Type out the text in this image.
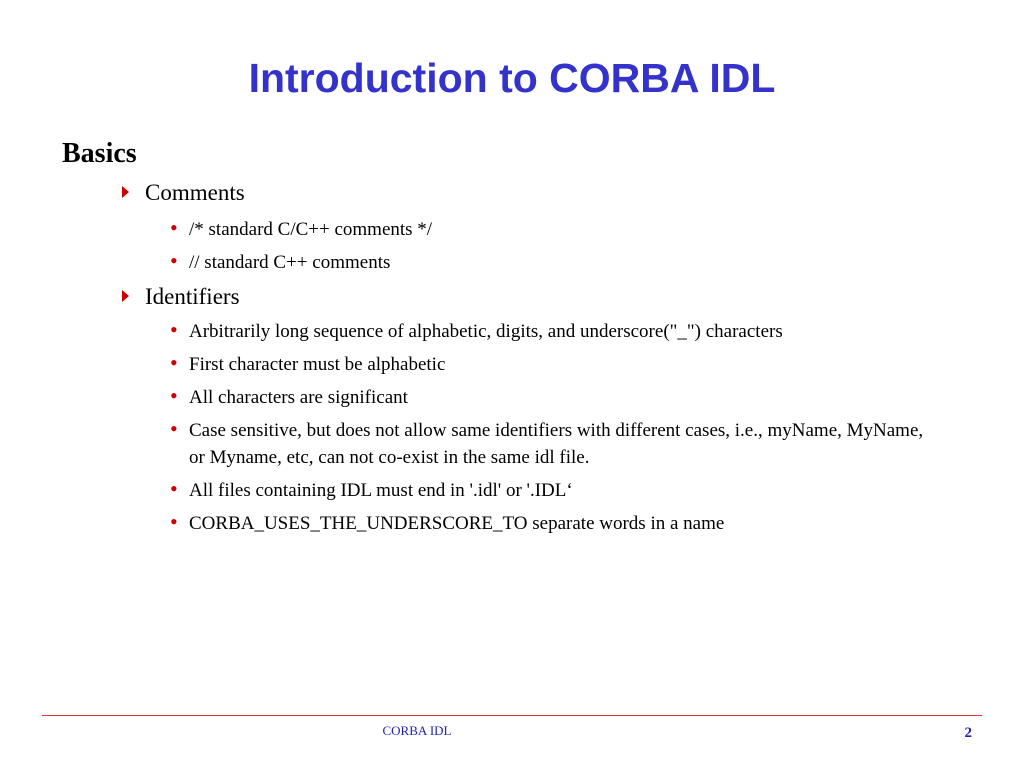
Introduction to CORBA IDL
Basics
Comments
• /* standard C/C++ comments */
• // standard C++ comments
Identifiers
• Arbitrarily long sequence of alphabetic, digits, and underscore("_") characters
• First character must be alphabetic
• All characters are significant
• Case sensitive, but does not allow same identifiers with different cases, i.e., myName, MyName, or Myname, etc, can not co-exist in the same idl file.
• All files containing IDL must end in '.idl' or '.IDL‘
• CORBA_USES_THE_UNDERSCORE_TO separate words in a name
CORBA IDL	2
